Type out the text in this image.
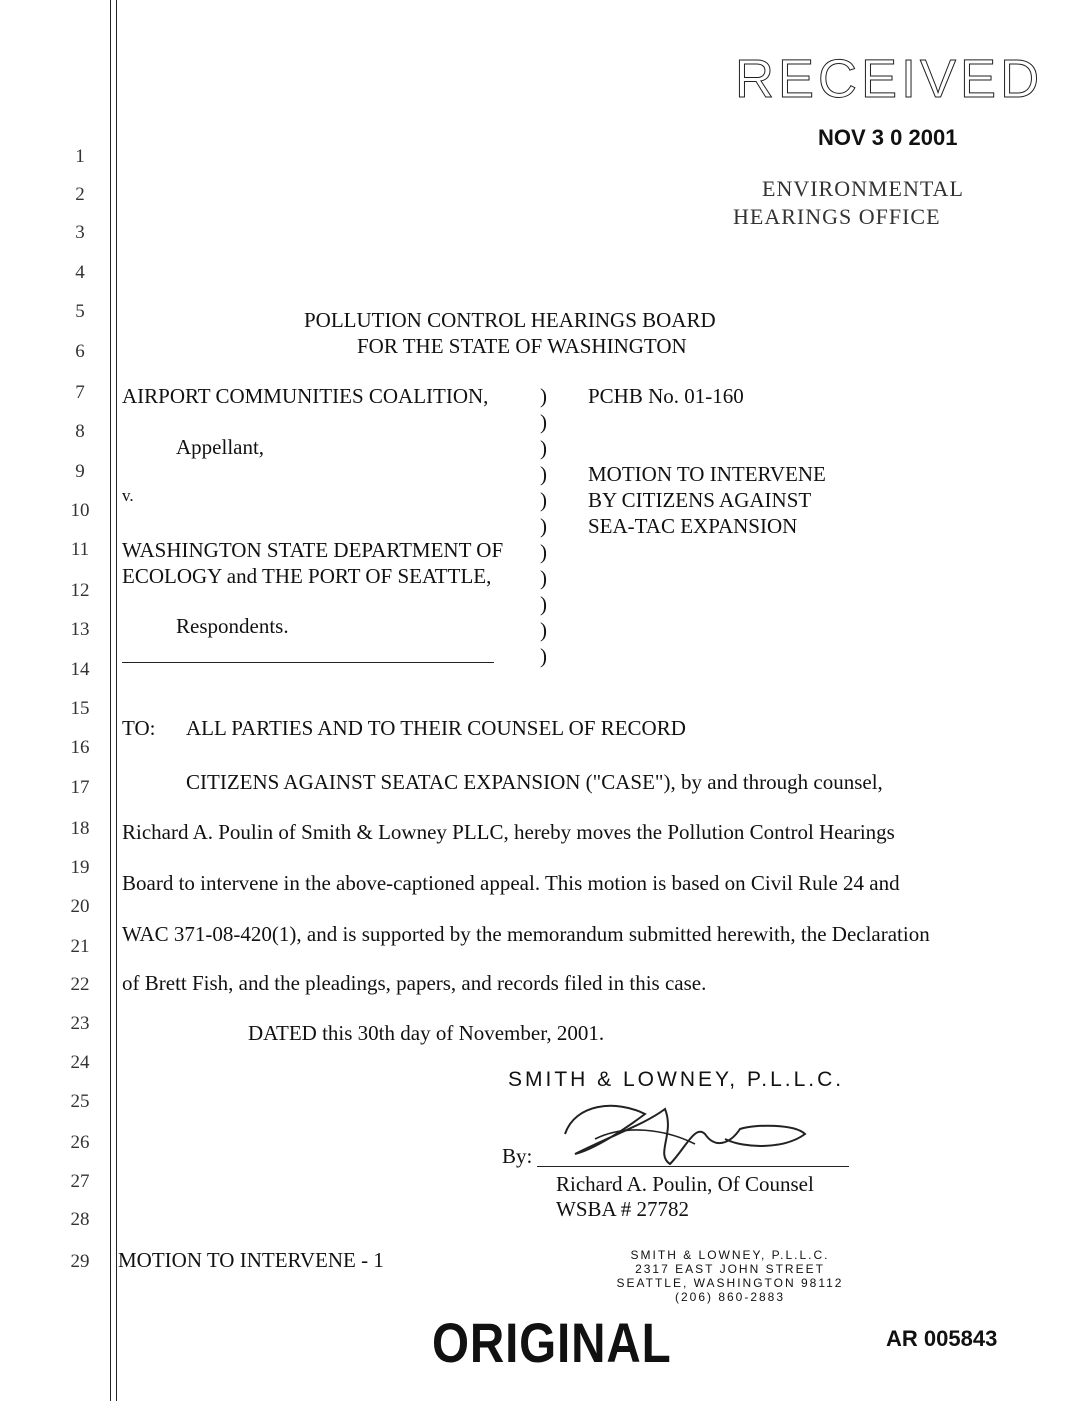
RECEIVED
NOV 3 0 2001
ENVIRONMENTAL
HEARINGS OFFICE
1
2
3
4
5
6
7
8
9
10
11
12
13
14
15
16
17
18
19
20
21
22
23
24
25
26
27
28
29
POLLUTION CONTROL HEARINGS BOARD
FOR THE STATE OF WASHINGTON
AIRPORT COMMUNITIES COALITION,
Appellant,
v.
WASHINGTON STATE DEPARTMENT OF
ECOLOGY and THE PORT OF SEATTLE,
Respondents.
)
)
)
)
)
)
)
)
)
)
)
PCHB No. 01-160
MOTION TO INTERVENE
BY CITIZENS AGAINST
SEA-TAC EXPANSION
TO: ALL PARTIES AND TO THEIR COUNSEL OF RECORD
CITIZENS AGAINST SEATAC EXPANSION ("CASE"), by and through counsel,
Richard A. Poulin of Smith & Lowney PLLC, hereby moves the Pollution Control Hearings
Board to intervene in the above-captioned appeal. This motion is based on Civil Rule 24 and
WAC 371-08-420(1), and is supported by the memorandum submitted herewith, the Declaration
of Brett Fish, and the pleadings, papers, and records filed in this case.
DATED this 30th day of November, 2001.
SMITH & LOWNEY, P.L.L.C.
By:
Richard A. Poulin, Of Counsel
WSBA # 27782
MOTION TO INTERVENE - 1	SMITH & LOWNEY, P.L.L.C.
2317 EAST JOHN STREET
SEATTLE, WASHINGTON 98112
(206) 860-2883
ORIGINAL	AR 005843
